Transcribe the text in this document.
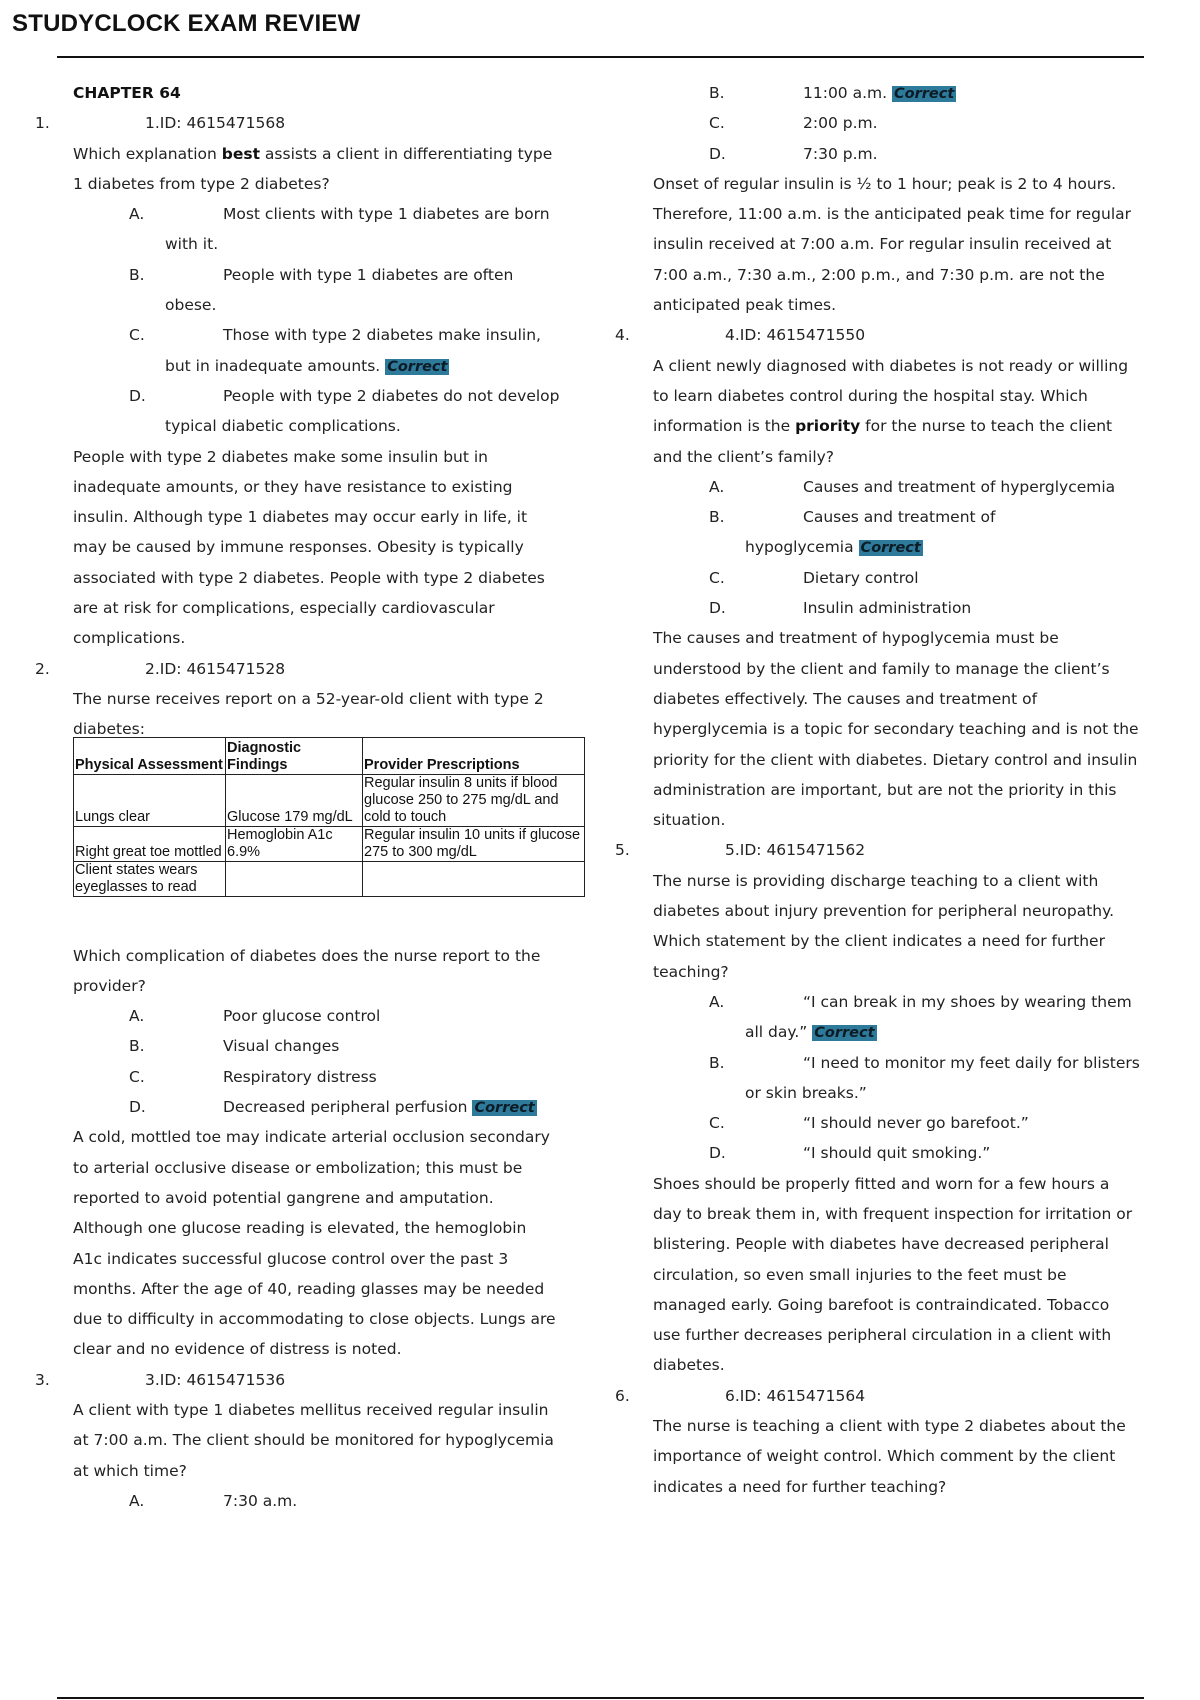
STUDYCLOCK EXAM REVIEW
CHAPTER 64
1.	1.ID: 4615471568
Which explanation best assists a client in differentiating type
1 diabetes from type 2 diabetes?
A.	Most clients with type 1 diabetes are born
with it.
B.	People with type 1 diabetes are often
obese.
C.	Those with type 2 diabetes make insulin,
but in inadequate amounts. Correct
D.	People with type 2 diabetes do not develop
typical diabetic complications.
People with type 2 diabetes make some insulin but in
inadequate amounts, or they have resistance to existing
insulin. Although type 1 diabetes may occur early in life, it
may be caused by immune responses. Obesity is typically
associated with type 2 diabetes. People with type 2 diabetes
are at risk for complications, especially cardiovascular
complications.
2.	2.ID: 4615471528
The nurse receives report on a 52-year-old client with type 2
diabetes:
Physical Assessment	Diagnostic Findings	Provider Prescriptions
Lungs clear	Glucose 179 mg/dL	Regular insulin 8 units if blood glucose 250 to 275 mg/dL and cold to touch
Right great toe mottled	Hemoglobin A1c 6.9%	Regular insulin 10 units if glucose 275 to 300 mg/dL
Client states wears eyeglasses to read		
Which complication of diabetes does the nurse report to the
provider?
A.	Poor glucose control
B.	Visual changes
C.	Respiratory distress
D.	Decreased peripheral perfusion Correct
A cold, mottled toe may indicate arterial occlusion secondary
to arterial occlusive disease or embolization; this must be
reported to avoid potential gangrene and amputation.
Although one glucose reading is elevated, the hemoglobin
A1c indicates successful glucose control over the past 3
months. After the age of 40, reading glasses may be needed
due to difficulty in accommodating to close objects. Lungs are
clear and no evidence of distress is noted.
3.	3.ID: 4615471536
A client with type 1 diabetes mellitus received regular insulin
at 7:00 a.m. The client should be monitored for hypoglycemia
at which time?
A.	7:30 a.m.
B.	11:00 a.m. Correct
C.	2:00 p.m.
D.	7:30 p.m.
Onset of regular insulin is ½ to 1 hour; peak is 2 to 4 hours.
Therefore, 11:00 a.m. is the anticipated peak time for regular
insulin received at 7:00 a.m. For regular insulin received at
7:00 a.m., 7:30 a.m., 2:00 p.m., and 7:30 p.m. are not the
anticipated peak times.
4.	4.ID: 4615471550
A client newly diagnosed with diabetes is not ready or willing
to learn diabetes control during the hospital stay. Which
information is the priority for the nurse to teach the client
and the client’s family?
A.	Causes and treatment of hyperglycemia
B.	Causes and treatment of
hypoglycemia Correct
C.	Dietary control
D.	Insulin administration
The causes and treatment of hypoglycemia must be
understood by the client and family to manage the client’s
diabetes effectively. The causes and treatment of
hyperglycemia is a topic for secondary teaching and is not the
priority for the client with diabetes. Dietary control and insulin
administration are important, but are not the priority in this
situation.
5.	5.ID: 4615471562
The nurse is providing discharge teaching to a client with
diabetes about injury prevention for peripheral neuropathy.
Which statement by the client indicates a need for further
teaching?
A.	“I can break in my shoes by wearing them
all day.” Correct
B.	“I need to monitor my feet daily for blisters
or skin breaks.”
C.	“I should never go barefoot.”
D.	“I should quit smoking.”
Shoes should be properly fitted and worn for a few hours a
day to break them in, with frequent inspection for irritation or
blistering. People with diabetes have decreased peripheral
circulation, so even small injuries to the feet must be
managed early. Going barefoot is contraindicated. Tobacco
use further decreases peripheral circulation in a client with
diabetes.
6.	6.ID: 4615471564
The nurse is teaching a client with type 2 diabetes about the
importance of weight control. Which comment by the client
indicates a need for further teaching?
